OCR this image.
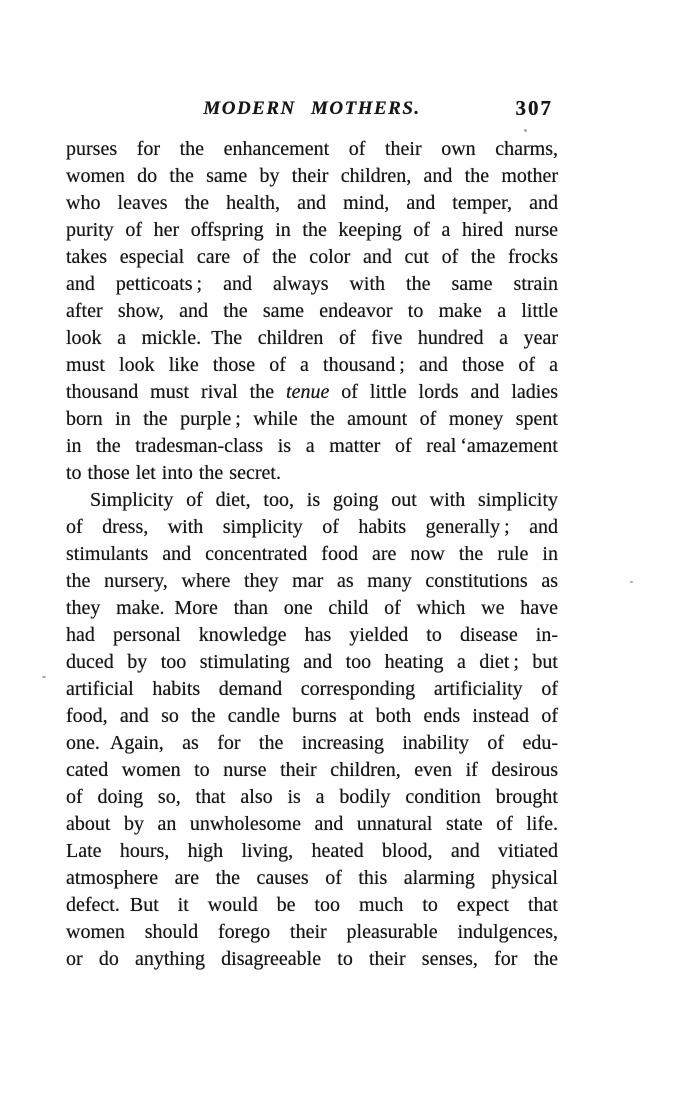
MODERN MOTHERS.	307
purses for the enhancement of their own charms,
women do the same by their children, and the mother
who leaves the health, and mind, and temper, and
purity of her offspring in the keeping of a hired nurse
takes especial care of the color and cut of the frocks
and petticoats ; and always with the same strain
after show, and the same endeavor to make a little
look a mickle. The children of five hundred a year
must look like those of a thousand ; and those of a
thousand must rival the tenue of little lords and ladies
born in the purple ; while the amount of money spent
in the tradesman-class is a matter of real ‘amazement
to those let into the secret.
Simplicity of diet, too, is going out with simplicity
of dress, with simplicity of habits generally ; and
stimulants and concentrated food are now the rule in
the nursery, where they mar as many constitutions as
they make. More than one child of which we have
had personal knowledge has yielded to disease in-
duced by too stimulating and too heating a diet ; but
artificial habits demand corresponding artificiality of
food, and so the candle burns at both ends instead of
one. Again, as for the increasing inability of edu-
cated women to nurse their children, even if desirous
of doing so, that also is a bodily condition brought
about by an unwholesome and unnatural state of life.
Late hours, high living, heated blood, and vitiated
atmosphere are the causes of this alarming physical
defect. But it would be too much to expect that
women should forego their pleasurable indulgences,
or do anything disagreeable to their senses, for the
